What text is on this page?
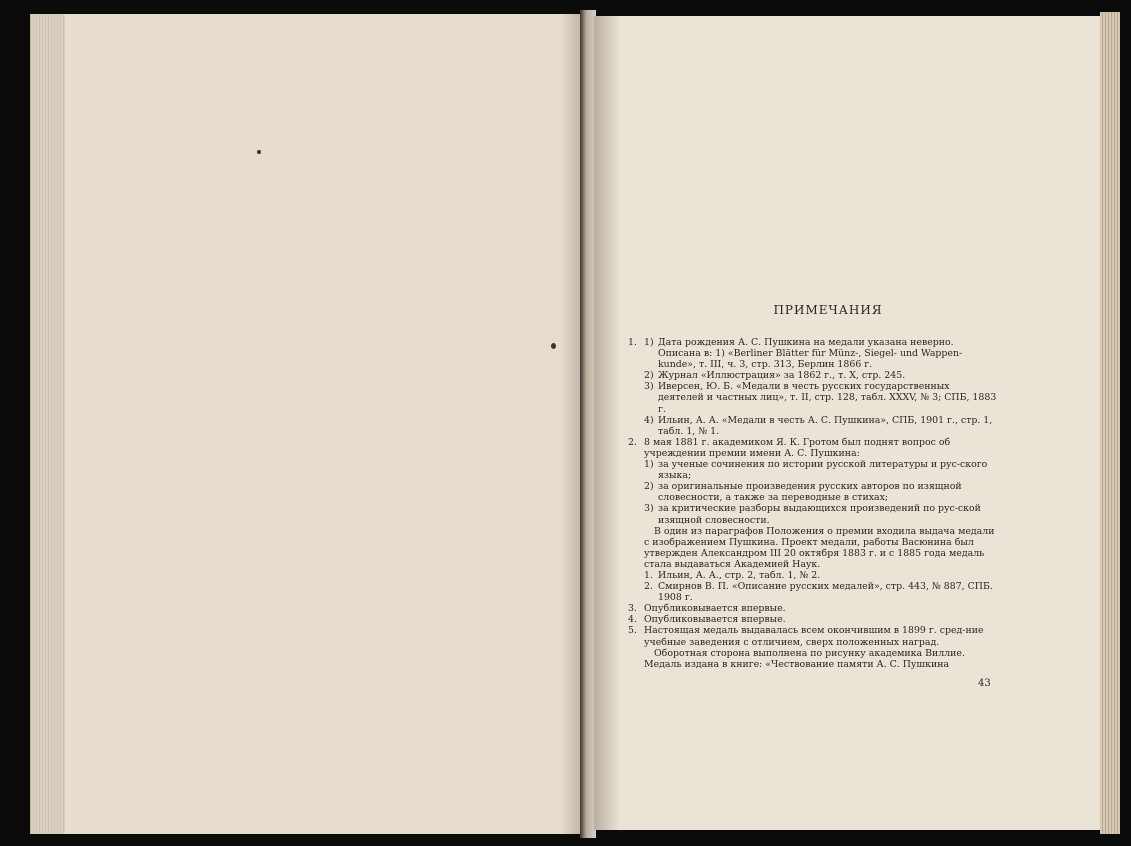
ПРИМЕЧАНИЯ
1. 1) Дата рождения А. С. Пушкина на медали указана неверно. Описана в: 1) «Berliner Blätter für Münz-, Siegel- und Wappen-kunde», т. III, ч. 3, стр. 313, Берлин 1866 г.
2) Журнал «Иллюстрация» за 1862 г., т. Х, стр. 245.
3) Иверсен, Ю. Б. «Медали в честь русских государственных деятелей и частных лиц», т. II, стр. 128, табл. XXXV, № 3; СПБ, 1883 г.
4) Ильин, А. А. «Медали в честь А. С. Пушкина», СПБ, 1901 г., стр. 1, табл. 1, № 1.
2. 8 мая 1881 г. академиком Я. К. Гротом был поднят вопрос об учреждении премии имени А. С. Пушкина:
1) за ученые сочинения по истории русской литературы и рус-ского языка;
2) за оригинальные произведения русских авторов по изящной словесности, а также за переводные в стихах;
3) за критические разборы выдающихся произведений по рус-ской изящной словесности.
В один из параграфов Положения о премии входила выдача медали с изображением Пушкина. Проект медали, работы Васюнина был утвержден Александром III 20 октября 1883 г. и с 1885 года медаль стала выдаваться Академией Наук.
1. Ильин, А. А., стр. 2, табл. 1, № 2.
2. Смирнов В. П. «Описание русских медалей», стр. 443, № 887, СПБ. 1908 г.
3. Опубликовывается впервые.
4. Опубликовывается впервые.
5. Настоящая медаль выдавалась всем окончившим в 1899 г. сред-ние учебные заведения с отличием, сверх положенных наград.
Оборотная сторона выполнена по рисунку академика Виллие. Медаль издана в книге: «Чествование памяти А. С. Пушкина
43
